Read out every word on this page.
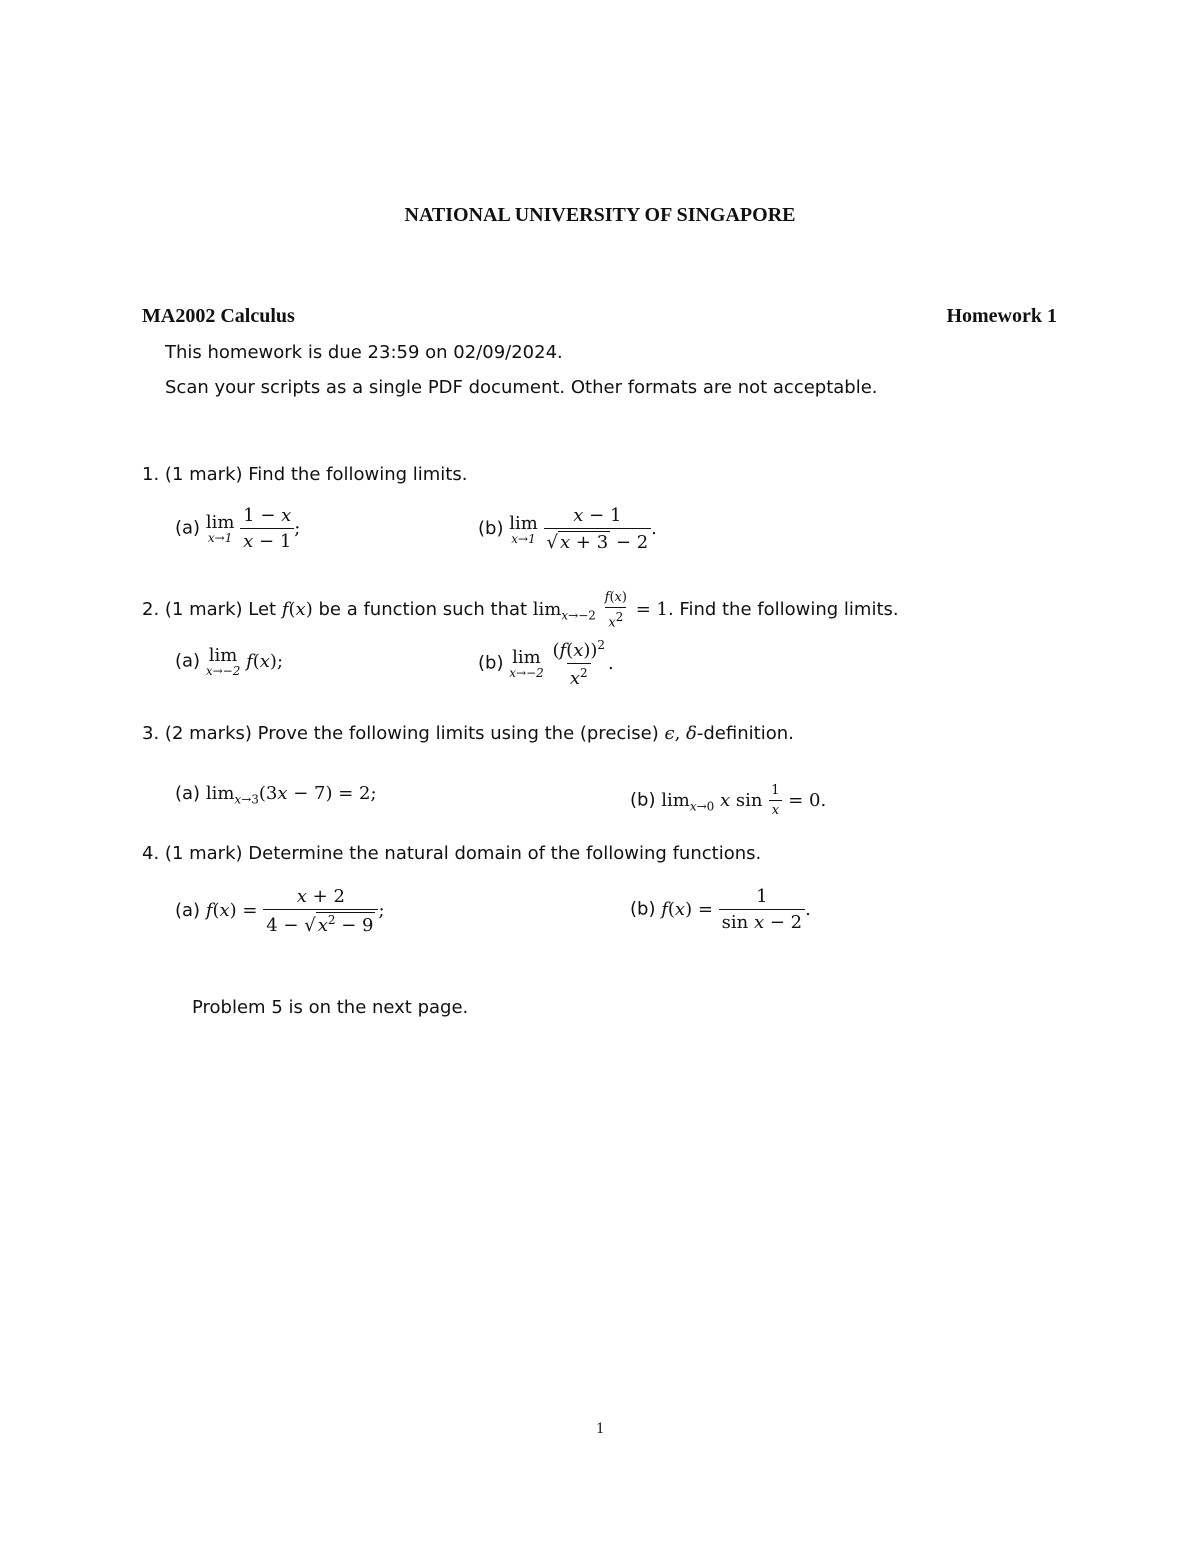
NATIONAL UNIVERSITY OF SINGAPORE
MA2002 Calculus	Homework 1
This homework is due 23:59 on 02/09/2024.
Scan your scripts as a single PDF document. Other formats are not acceptable.
1. (1 mark) Find the following limits.
(a) lim
x→1
$\frac{1 - x}{x - 1}$ ;	(b) lim
x→1
$\frac{x - 1}{√ x + 3 - 2}$ .
2. (1 mark) Let f(x) be a function such that $\lim_{x\to-2} \frac{f(x)}{x^2} = 1$. Find the following limits.
(a) lim
x→−2 f(x);	(b) lim
x→−2
$\frac{(f(x))^2}{x^2}$ .
3. (2 marks) Prove the following limits using the (precise) ϵ, δ-definition.
(a) $\lim_{x\to 3}(3x - 7) = 2$;	(b) $\lim_{x\to 0} x$ $\sin \frac{1}{x} = 0$.
4. (1 mark) Determine the natural domain of the following functions.
(a) $f(x) = \frac{x + 2}{4 - √ x^2 - 9}$ ;	(b) $f(x) = \frac{1}{\text{sin x − 2}}$ .
Problem 5 is on the next page.
1
